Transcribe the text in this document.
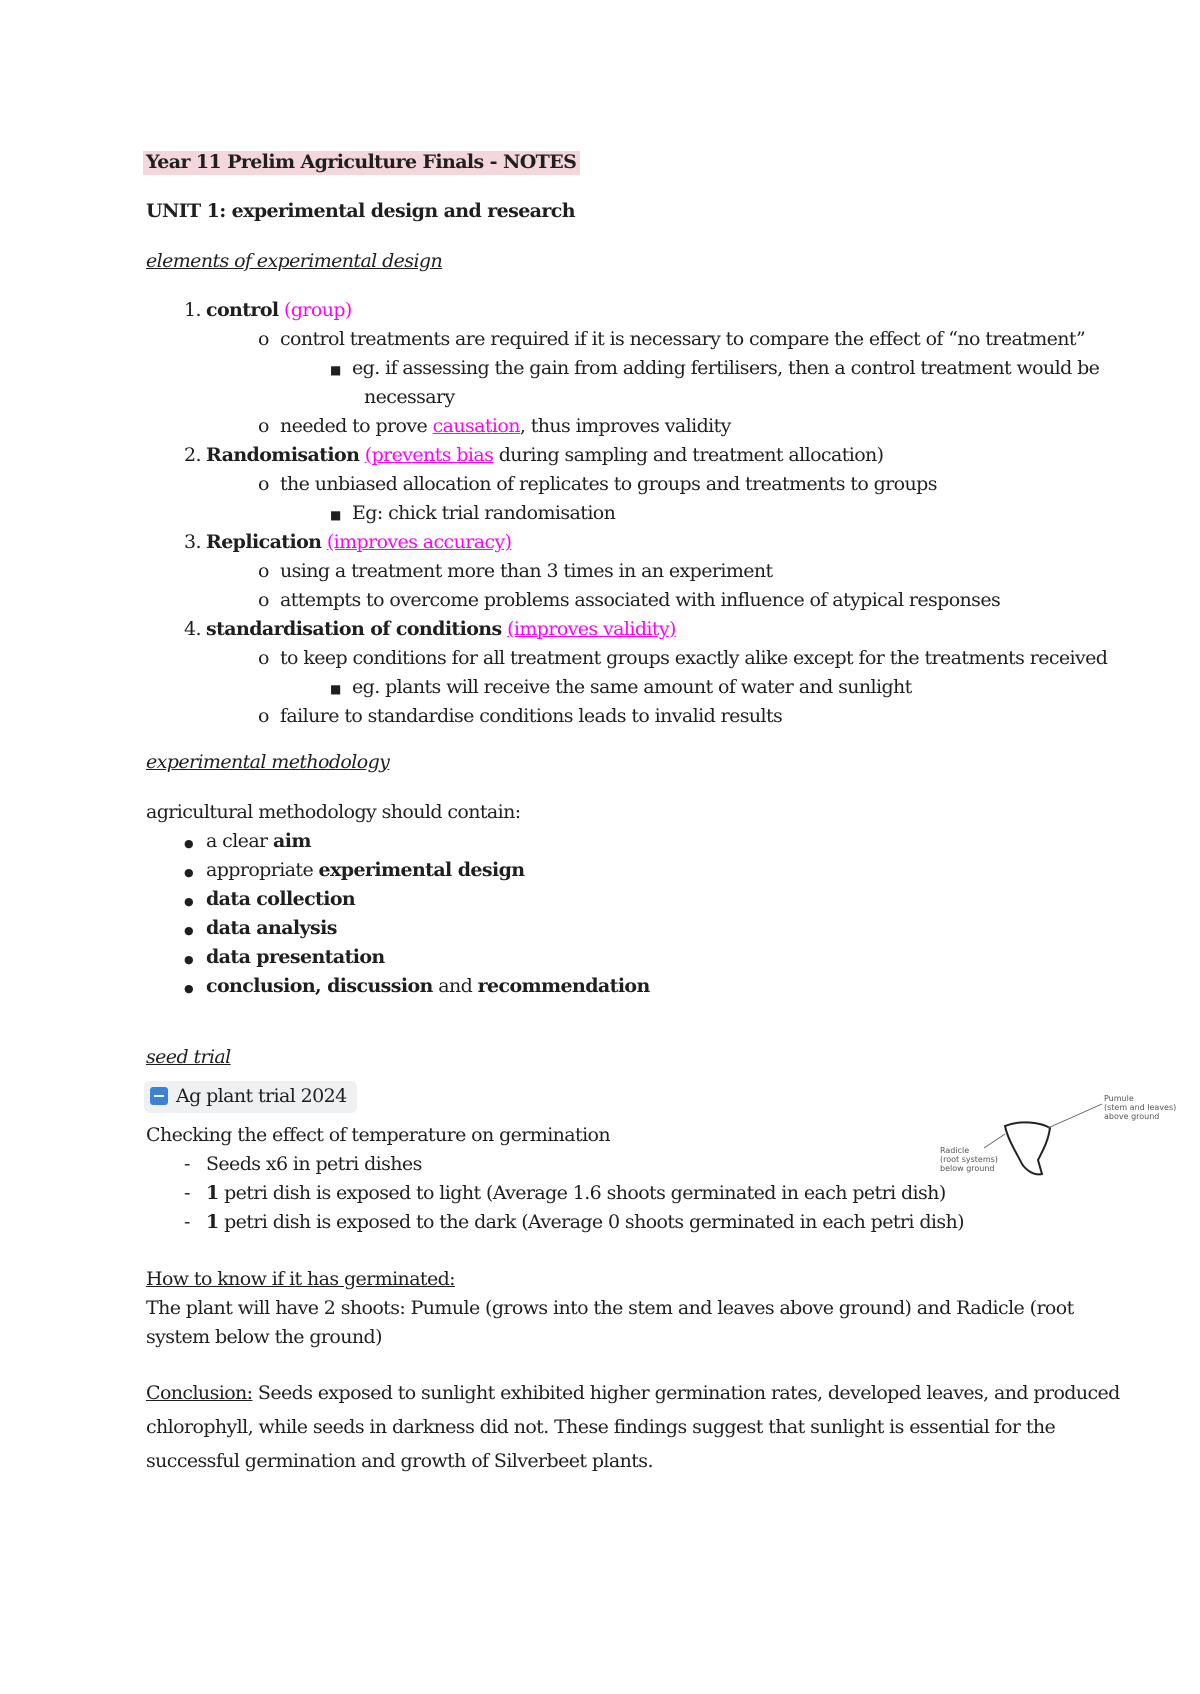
Year 11 Prelim Agriculture Finals - NOTES
UNIT 1: experimental design and research
elements of experimental design
1. control (group)
o control treatments are required if it is necessary to compare the effect of “no treatment”
■ eg. if assessing the gain from adding fertilisers, then a control treatment would be
necessary
o needed to prove causation, thus improves validity
2. Randomisation (prevents bias during sampling and treatment allocation)
o the unbiased allocation of replicates to groups and treatments to groups
■ Eg: chick trial randomisation
3. Replication (improves accuracy)
o using a treatment more than 3 times in an experiment
o attempts to overcome problems associated with influence of atypical responses
4. standardisation of conditions (improves validity)
o to keep conditions for all treatment groups exactly alike except for the treatments received
■ eg. plants will receive the same amount of water and sunlight
o failure to standardise conditions leads to invalid results
experimental methodology
agricultural methodology should contain:
● a clear aim
● appropriate experimental design
● data collection
● data analysis
● data presentation
● conclusion, discussion and recommendation
seed trial
Ag plant trial 2024
Checking the effect of temperature on germination
- Seeds x6 in petri dishes
- 1 petri dish is exposed to light (Average 1.6 shoots germinated in each petri dish)
- 1 petri dish is exposed to the dark (Average 0 shoots germinated in each petri dish)
Pumule
(stem and leaves)
above ground
Radicle
(root systems)
below ground
How to know if it has germinated:
The plant will have 2 shoots: Pumule (grows into the stem and leaves above ground) and Radicle (root
system below the ground)
Conclusion: Seeds exposed to sunlight exhibited higher germination rates, developed leaves, and produced
chlorophyll, while seeds in darkness did not. These findings suggest that sunlight is essential for the
successful germination and growth of Silverbeet plants.
